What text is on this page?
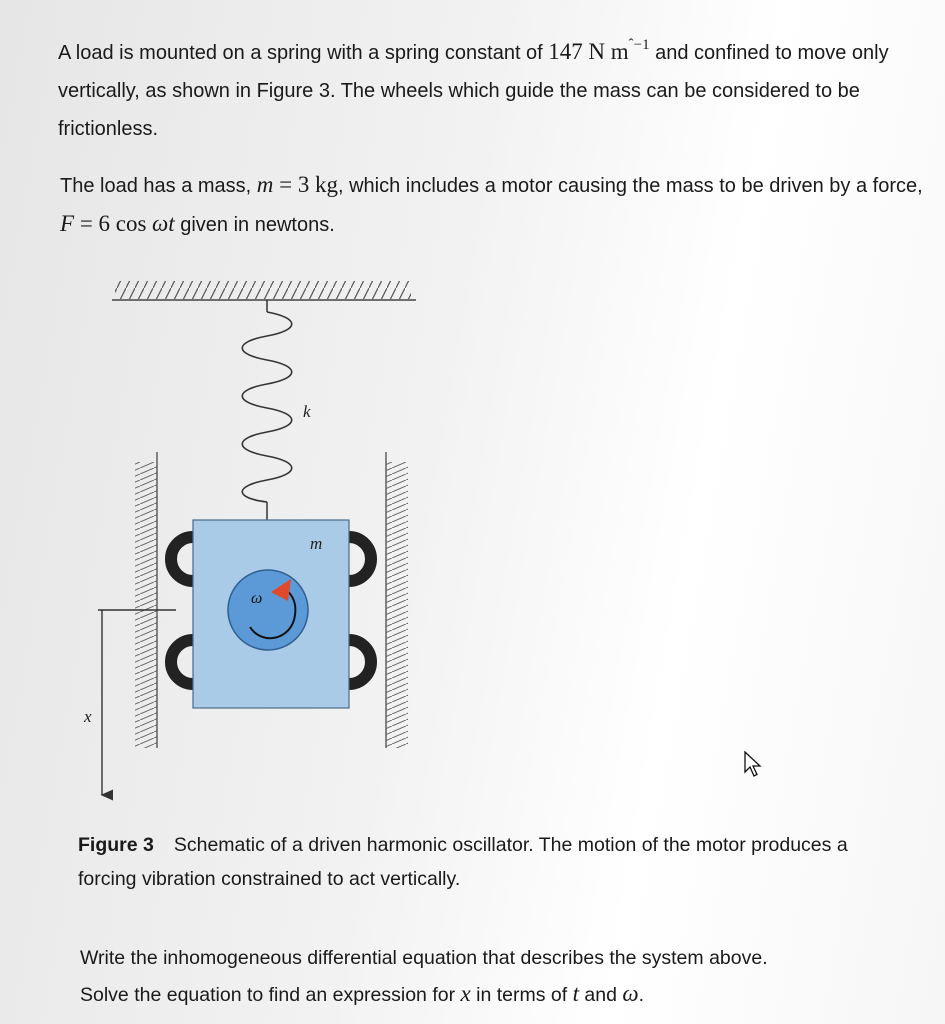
A load is mounted on a spring with a spring constant of 147 N $m^{ˆ-1}$ and confined to move only vertically, as shown in Figure 3. The wheels which guide the mass can be considered to be frictionless.

The load has a mass, m = 3 kg, which includes a motor causing the mass to be driven by a force, F = 6 cos ωt given in newtons.

k
x
m
ω

Figure 3 Schematic of a driven harmonic oscillator. The motion of the motor produces a forcing vibration constrained to act vertically.

Write the inhomogeneous differential equation that describes the system above.
Solve the equation to find an expression for x in terms of t and ω.
